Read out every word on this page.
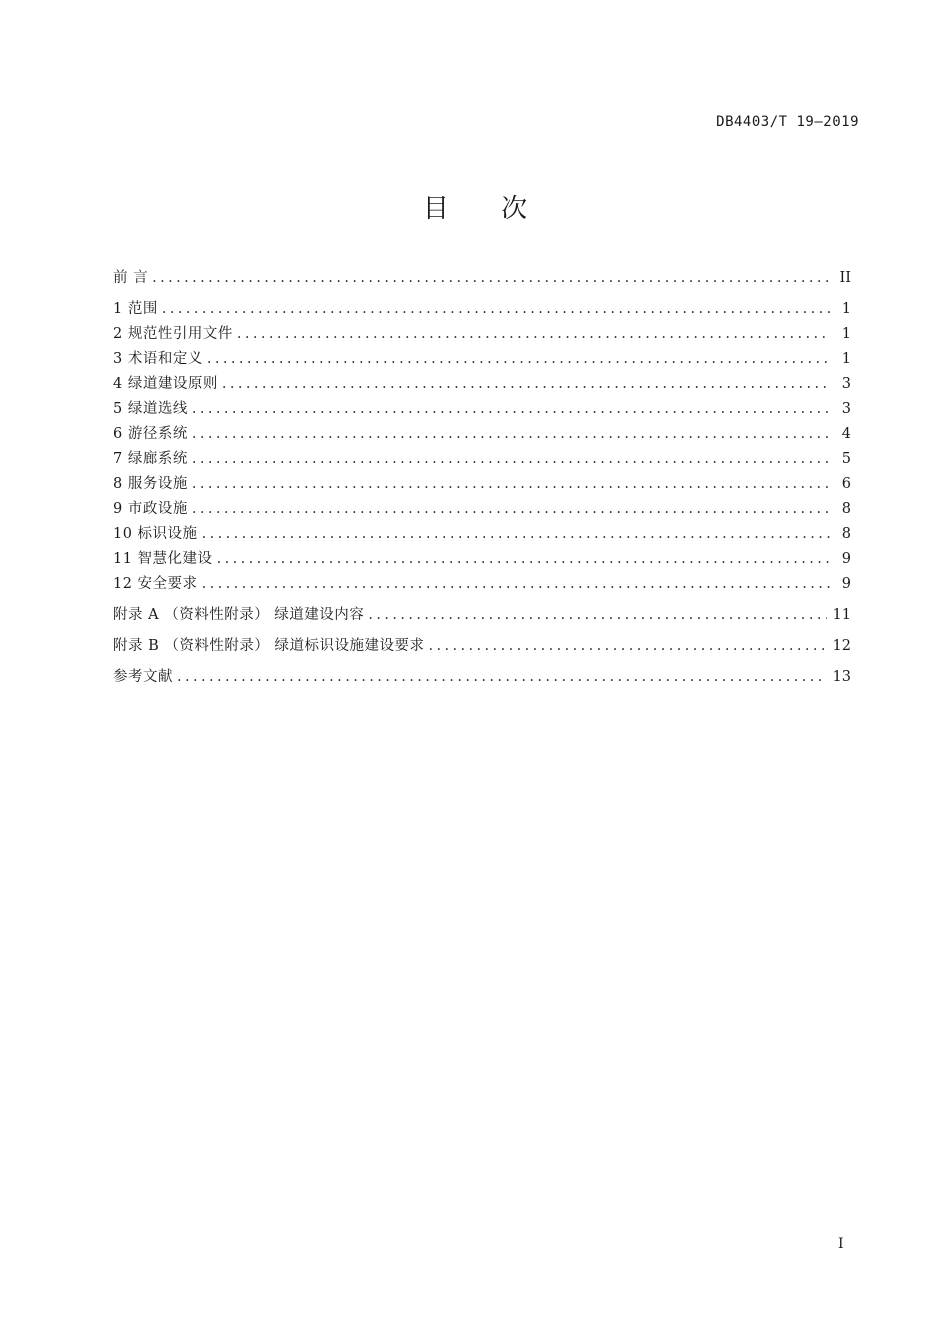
DB4403/T 19—2019
目 次
前 言 .....	II
1 范围 .....	1
2 规范性引用文件 .....	1
3 术语和定义 .....	1
4 绿道建设原则 .....	3
5 绿道选线 .....	3
6 游径系统 .....	4
7 绿廊系统 .....	5
8 服务设施 .....	6
9 市政设施 .....	8
10 标识设施 .....	8
11 智慧化建设 .....	9
12 安全要求 .....	9
附录 A （资料性附录） 绿道建设内容 .....	11
附录 B （资料性附录） 绿道标识设施建设要求 .....	12
参考文献 .....	13
I
